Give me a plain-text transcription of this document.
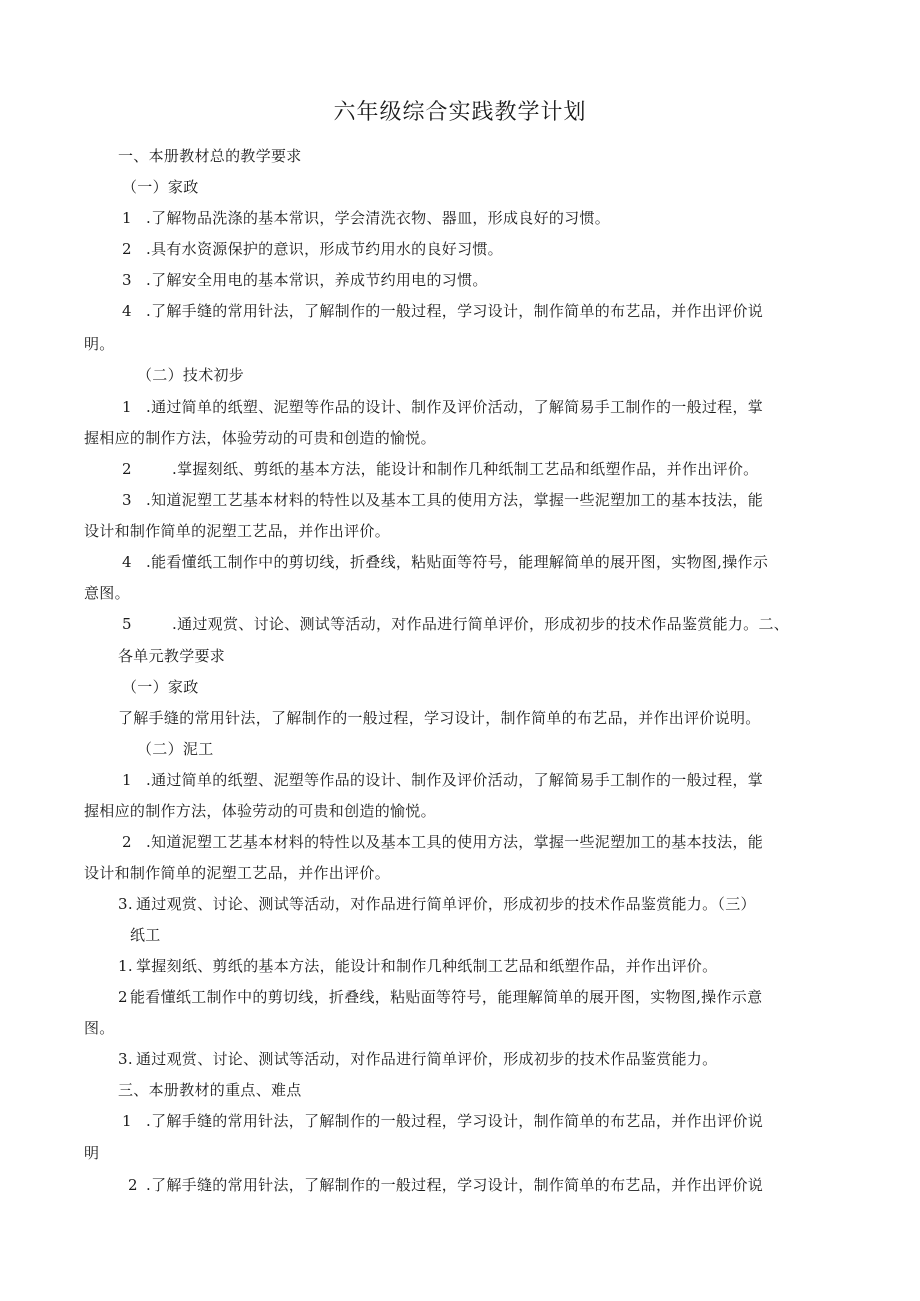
六年级综合实践教学计划
一、本册教材总的教学要求
（一）家政
1 .了解物品洗涤的基本常识，学会清洗衣物、器皿，形成良好的习惯。
2 .具有水资源保护的意识，形成节约用水的良好习惯。
3 .了解安全用电的基本常识，养成节约用电的习惯。
4 .了解手缝的常用针法，了解制作的一般过程，学习设计，制作简单的布艺品，并作出评价说
明。
（二）技术初步
1 .通过简单的纸塑、泥塑等作品的设计、制作及评价活动，了解简易手工制作的一般过程，掌
握相应的制作方法，体验劳动的可贵和创造的愉悦。
2	.掌握刻纸、剪纸的基本方法，能设计和制作几种纸制工艺品和纸塑作品，并作出评价。
3 .知道泥塑工艺基本材料的特性以及基本工具的使用方法，掌握一些泥塑加工的基本技法，能
设计和制作简单的泥塑工艺品，并作出评价。
4 .能看懂纸工制作中的剪切线，折叠线，粘贴面等符号，能理解简单的展开图，实物图,操作示
意图。
5	.通过观赏、讨论、测试等活动，对作品进行简单评价，形成初步的技术作品鉴赏能力。二、
各单元教学要求
（一）家政
了解手缝的常用针法，了解制作的一般过程，学习设计，制作简单的布艺品，并作出评价说明。
（二）泥工
1 .通过简单的纸塑、泥塑等作品的设计、制作及评价活动，了解简易手工制作的一般过程，掌
握相应的制作方法，体验劳动的可贵和创造的愉悦。
2 .知道泥塑工艺基本材料的特性以及基本工具的使用方法，掌握一些泥塑加工的基本技法，能
设计和制作简单的泥塑工艺品，并作出评价。
3. 通过观赏、讨论、测试等活动，对作品进行简单评价，形成初步的技术作品鉴赏能力。（三）
纸工
1. 掌握刻纸、剪纸的基本方法，能设计和制作几种纸制工艺品和纸塑作品，并作出评价。
2 能看懂纸工制作中的剪切线，折叠线，粘贴面等符号，能理解简单的展开图，实物图,操作示意
图。
3. 通过观赏、讨论、测试等活动，对作品进行简单评价，形成初步的技术作品鉴赏能力。
三、本册教材的重点、难点
1 .了解手缝的常用针法，了解制作的一般过程，学习设计，制作简单的布艺品，并作出评价说
明
2 .了解手缝的常用针法，了解制作的一般过程，学习设计，制作简单的布艺品，并作出评价说
